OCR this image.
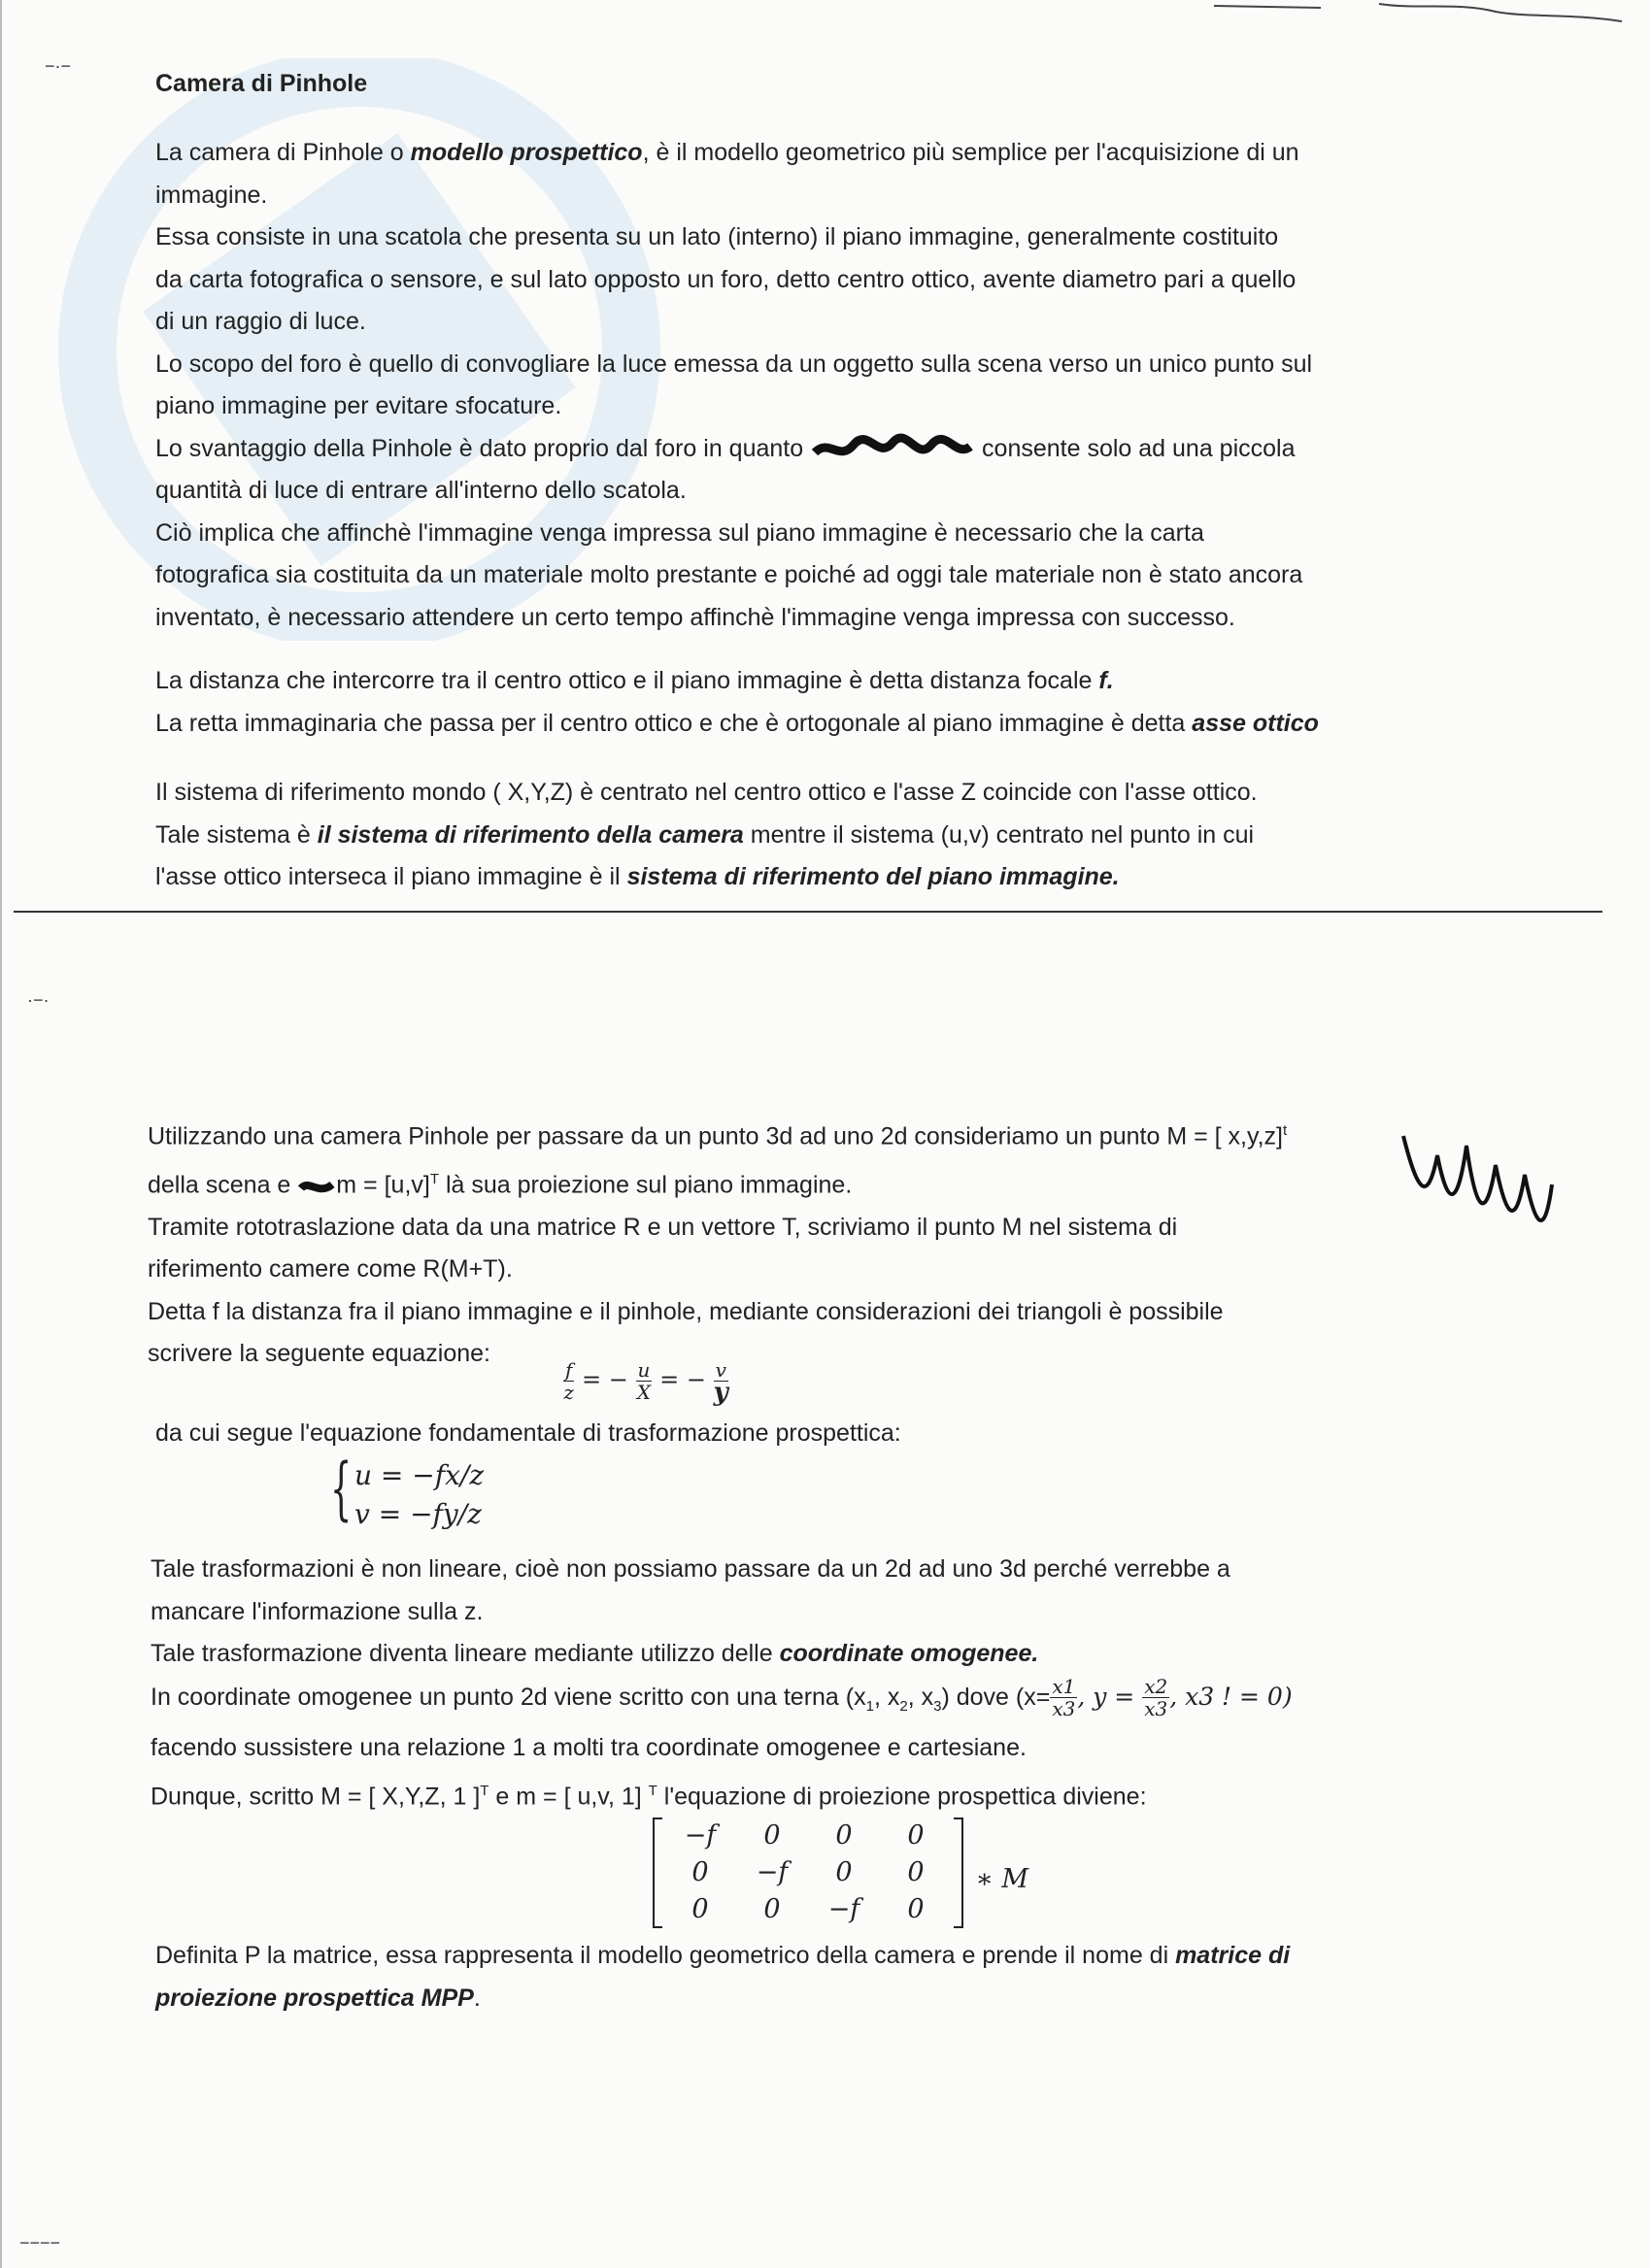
−·−
·−·
Camera di Pinhole
La camera di Pinhole o modello prospettico, è il modello geometrico più semplice per l'acquisizione di un
immagine.
Essa consiste in una scatola che presenta su un lato (interno) il piano immagine, generalmente costituito
da carta fotografica o sensore, e sul lato opposto un foro, detto centro ottico, avente diametro pari a quello
di un raggio di luce.
Lo scopo del foro è quello di convogliare la luce emessa da un oggetto sulla scena verso un unico punto sul
piano immagine per evitare sfocature.
Lo svantaggio della Pinhole è dato proprio dal foro in quanto	consente solo ad una piccola
quantità di luce di entrare all'interno dello scatola.
Ciò implica che affinchè l'immagine venga impressa sul piano immagine è necessario che la carta
fotografica sia costituita da un materiale molto prestante e poiché ad oggi tale materiale non è stato ancora
inventato, è necessario attendere un certo tempo affinchè l'immagine venga impressa con successo.
La distanza che intercorre tra il centro ottico e il piano immagine è detta distanza focale f.
La retta immaginaria che passa per il centro ottico e che è ortogonale al piano immagine è detta asse ottico
Il sistema di riferimento mondo ( X,Y,Z) è centrato nel centro ottico e l'asse Z coincide con l'asse ottico.
Tale sistema è il sistema di riferimento della camera mentre il sistema (u,v) centrato nel punto in cui
l'asse ottico interseca il piano immagine è il sistema di riferimento del piano immagine.
Utilizzando una camera Pinhole per passare da un punto 3d ad uno 2d consideriamo un punto M = [ x,y,z]$^t$
della scena e $m = [u,v]^T$ là sua proiezione sul piano immagine.
Tramite rototraslazione data da una matrice R e un vettore T, scriviamo il punto M nel sistema di
riferimento camere come R(M+T).
Detta f la distanza fra il piano immagine e il pinhole, mediante considerazioni dei triangoli è possibile
scrivere la seguente equazione:
$\frac{f}{z}$ = − $\frac{u}{X}$ = − $\frac{v}{y}$
da cui segue l'equazione fondamentale di trasformazione prospettica:
{ u = −fx/z
v = −fy/z
Tale trasformazioni è non lineare, cioè non possiamo passare da un 2d ad uno 3d perché verrebbe a
mancare l'informazione sulla z.
Tale trasformazione diventa lineare mediante utilizzo delle coordinate omogenee.
In coordinate omogenee un punto 2d viene scritto con una terna ($x_1$, $x_2$, $x_3$) dove ($x= \frac{x1}{x3}$ , $y = \frac{x2}{x3}$ , x3 ! = 0)
facendo sussistere una relazione 1 a molti tra coordinate omogenee e cartesiane.
Dunque, scritto M = [ X,Y,Z, 1 ]$^T$ e m = [ u,v, 1] $^T$ l'equazione di proiezione prospettica diviene:
−f	0	0	0
0	−f	0	0
0	0	−f	0
∗ M
Definita P la matrice, essa rappresenta il modello geometrico della camera e prende il nome di matrice di
proiezione prospettica MPP.
−−−−
